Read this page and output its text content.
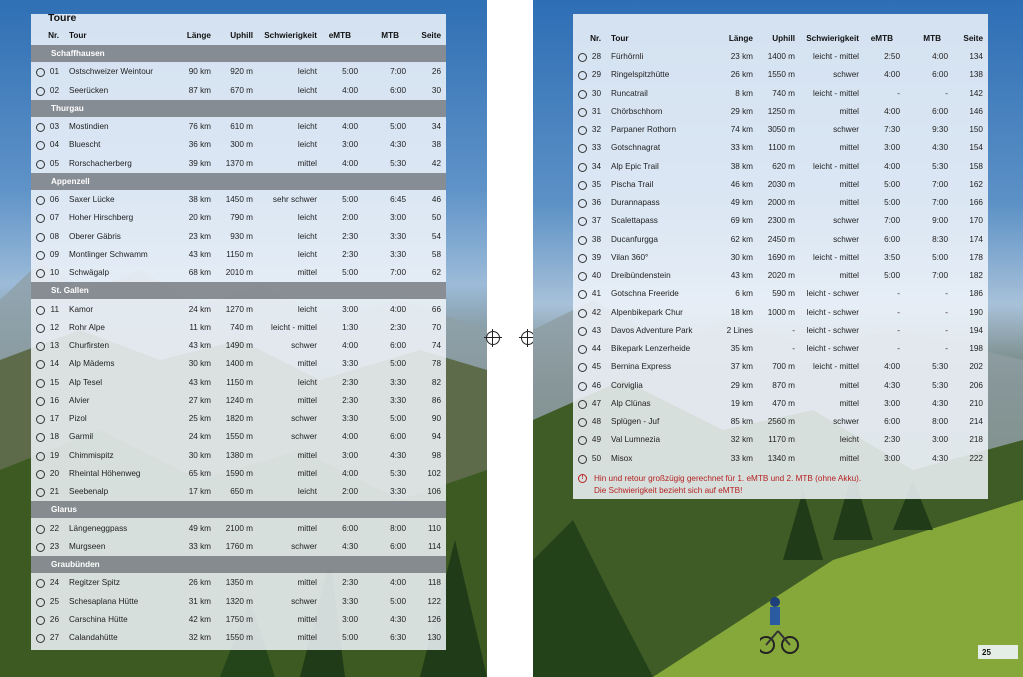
Nr. Tour	Länge	Uphill	Schwierigkeit	eMTB	MTB	Seite
Schaffhausen
01 Ostschweizer Weintour	90 km	920 m	leicht	5:00	7:00	26
02 Seerücken	87 km	670 m	leicht	4:00	6:00	30
Thurgau
03 Mostindien	76 km	610 m	leicht	4:00	5:00	34
04 Bluescht	36 km	300 m	leicht	3:00	4:30	38
05 Rorschacherberg	39 km	1370 m	mittel	4:00	5:30	42
Appenzell
06 Saxer Lücke	38 km	1450 m	sehr schwer	5:00	6:45	46
07 Hoher Hirschberg	20 km	790 m	leicht	2:00	3:00	50
08 Oberer Gäbris	23 km	930 m	leicht	2:30	3:30	54
09 Montlinger Schwamm	43 km	1150 m	leicht	2:30	3:30	58
10 Schwägalp	68 km	2010 m	mittel	5:00	7:00	62
St. Gallen
11 Kamor	24 km	1270 m	leicht	3:00	4:00	66
12 Rohr Alpe	11 km	740 m	leicht - mittel	1:30	2:30	70
13 Churfirsten	43 km	1490 m	schwer	4:00	6:00	74
14 Alp Mädems	30 km	1400 m	mittel	3:30	5:00	78
15 Alp Tesel	43 km	1150 m	leicht	2:30	3:30	82
16 Alvier	27 km	1240 m	mittel	2:30	3:30	86
17 Pizol	25 km	1820 m	schwer	3:30	5:00	90
18 Garmil	24 km	1550 m	schwer	4:00	6:00	94
19 Chimmispitz	30 km	1380 m	mittel	3:00	4:30	98
20 Rheintal Höhenweg	65 km	1590 m	mittel	4:00	5:30	102
21 Seebenalp	17 km	650 m	leicht	2:00	3:30	106
Glarus
22 Längeneggpass	49 km	2100 m	mittel	6:00	8:00	110
23 Murgseen	33 km	1760 m	schwer	4:30	6:00	114
Graubünden
24 Regitzer Spitz	26 km	1350 m	mittel	2:30	4:00	118
25 Schesaplana Hütte	31 km	1320 m	schwer	3:30	5:00	122
26 Carschina Hütte	42 km	1750 m	mittel	3:00	4:30	126
27 Calandahütte	32 km	1550 m	mittel	5:00	6:30	130
Toure
Nr. Tour	Länge	Uphill	Schwierigkeit	eMTB	MTB	Seite
28 Fürhörnli	23 km	1400 m	leicht - mittel	2:50	4:00	134
29 Ringelspitzhütte	26 km	1550 m	schwer	4:00	6:00	138
30 Runcatrail	8 km	740 m	leicht - mittel	-	-	142
31 Chörbschhorn	29 km	1250 m	mittel	4:00	6:00	146
32 Parpaner Rothorn	74 km	3050 m	schwer	7:30	9:30	150
33 Gotschnagrat	33 km	1100 m	mittel	3:00	4:30	154
34 Alp Epic Trail	38 km	620 m	leicht - mittel	4:00	5:30	158
35 Pischa Trail	46 km	2030 m	mittel	5:00	7:00	162
36 Durannapass	49 km	2000 m	mittel	5:00	7:00	166
37 Scalettapass	69 km	2300 m	schwer	7:00	9:00	170
38 Ducanfurgga	62 km	2450 m	schwer	6:00	8:30	174
39 Vilan 360°	30 km	1690 m	leicht - mittel	3:50	5:00	178
40 Dreibündenstein	43 km	2020 m	mittel	5:00	7:00	182
41 Gotschna Freeride	6 km	590 m	leicht - schwer	-	-	186
42 Alpenbikepark Chur	18 km	1000 m	leicht - schwer	-	-	190
43 Davos Adventure Park	2 Lines	-	leicht - schwer	-	-	194
44 Bikepark Lenzerheide	35 km	-	leicht - schwer	-	-	198
45 Bernina Express	37 km	700 m	leicht - mittel	4:00	5:30	202
46 Corviglia	29 km	870 m	mittel	4:30	5:30	206
47 Alp Clünas	19 km	470 m	mittel	3:00	4:30	210
48 Splügen - Juf	85 km	2560 m	schwer	6:00	8:00	214
49 Val Lumnezia	32 km	1170 m	leicht	2:30	3:00	218
50 Misox	33 km	1340 m	mittel	3:00	4:30	222
!	Hin und retour großzügig gerechnet für 1. eMTB und 2. MTB (ohne Akku).
Die Schwierigkeit bezieht sich auf eMTB!
25
